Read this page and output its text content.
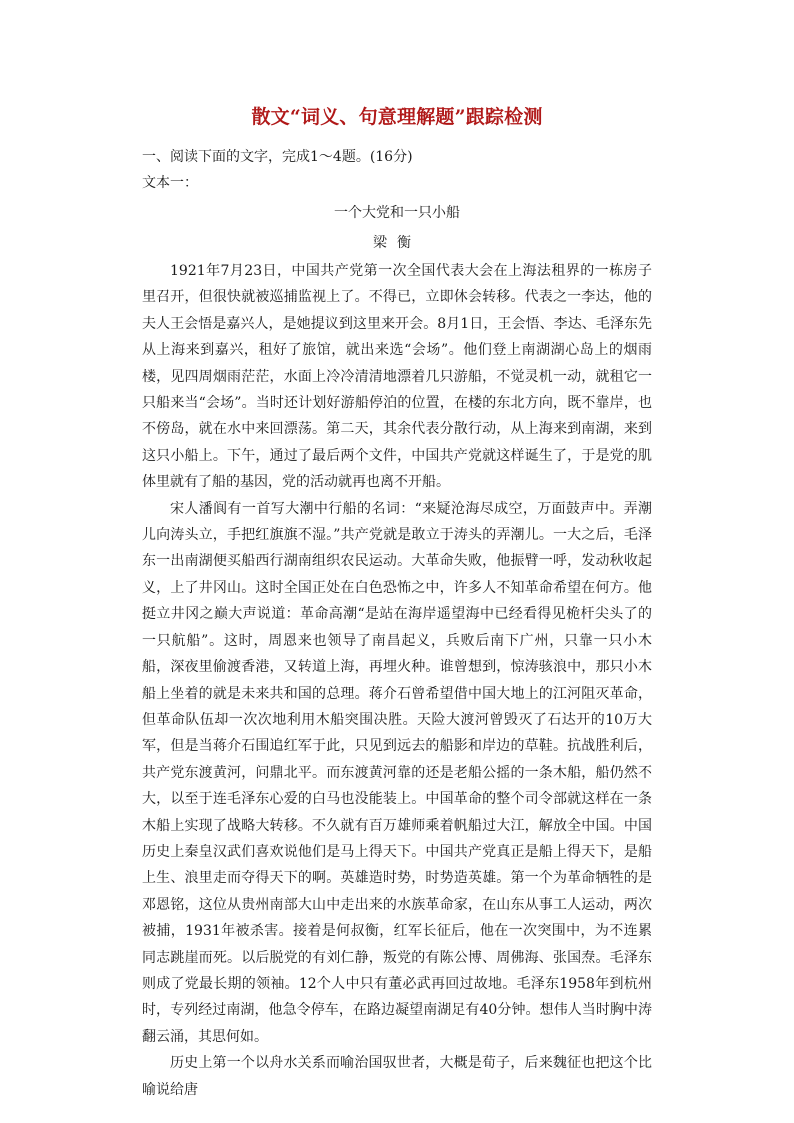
散文“词义、句意理解题”跟踪检测

一、阅读下面的文字，完成1～4题。(16分)

文本一：

一个大党和一只小船

梁衡

1921年7月23日，中国共产党第一次全国代表大会在上海法租界的一栋房子里召开，但很快就被巡捕监视上了。不得已，立即休会转移。代表之一李达，他的夫人王会悟是嘉兴人，是她提议到这里来开会。8月1日，王会悟、李达、毛泽东先从上海来到嘉兴，租好了旅馆，就出来选“会场”。他们登上南湖湖心岛上的烟雨楼，见四周烟雨茫茫，水面上冷冷清清地漂着几只游船，不觉灵机一动，就租它一只船来当“会场”。当时还计划好游船停泊的位置，在楼的东北方向，既不靠岸，也不傍岛，就在水中来回漂荡。第二天，其余代表分散行动，从上海来到南湖，来到这只小船上。下午，通过了最后两个文件，中国共产党就这样诞生了，于是党的肌体里就有了船的基因，党的活动就再也离不开船。

宋人潘阆有一首写大潮中行船的名词：“来疑沧海尽成空，万面鼓声中。弄潮儿向涛头立，手把红旗旗不湿。”共产党就是敢立于涛头的弄潮儿。一大之后，毛泽东一出南湖便买船西行湖南组织农民运动。大革命失败，他振臂一呼，发动秋收起义，上了井冈山。这时全国正处在白色恐怖之中，许多人不知革命希望在何方。他挺立井冈之巅大声说道：革命高潮“是站在海岸遥望海中已经看得见桅杆尖头了的一只航船”。这时，周恩来也领导了南昌起义，兵败后南下广州，只靠一只小木船，深夜里偷渡香港，又转道上海，再埋火种。谁曾想到，惊涛骇浪中，那只小木船上坐着的就是未来共和国的总理。蒋介石曾希望借中国大地上的江河阻灭革命，但革命队伍却一次次地利用木船突围决胜。天险大渡河曾毁灭了石达开的10万大军，但是当蒋介石围追红军于此，只见到远去的船影和岸边的草鞋。抗战胜利后，共产党东渡黄河，问鼎北平。而东渡黄河靠的还是老船公摇的一条木船，船仍然不大，以至于连毛泽东心爱的白马也没能装上。中国革命的整个司令部就这样在一条木船上实现了战略大转移。不久就有百万雄师乘着帆船过大江，解放全中国。中国历史上秦皇汉武们喜欢说他们是马上得天下。中国共产党真正是船上得天下，是船上生、浪里走而夺得天下的啊。英雄造时势，时势造英雄。第一个为革命牺牲的是邓恩铭，这位从贵州南部大山中走出来的水族革命家，在山东从事工人运动，两次被捕，1931年被杀害。接着是何叔衡，红军长征后，他在一次突围中，为不连累同志跳崖而死。以后脱党的有刘仁静，叛党的有陈公博、周佛海、张国焘。毛泽东则成了党最长期的领袖。12个人中只有董必武再回过故地。毛泽东1958年到杭州时，专列经过南湖，他急令停车，在路边凝望南湖足有40分钟。想伟人当时胸中涛翻云涌，其思何如。

历史上第一个以舟水关系而喻治国驭世者，大概是荀子，后来魏征也把这个比喻说给唐
